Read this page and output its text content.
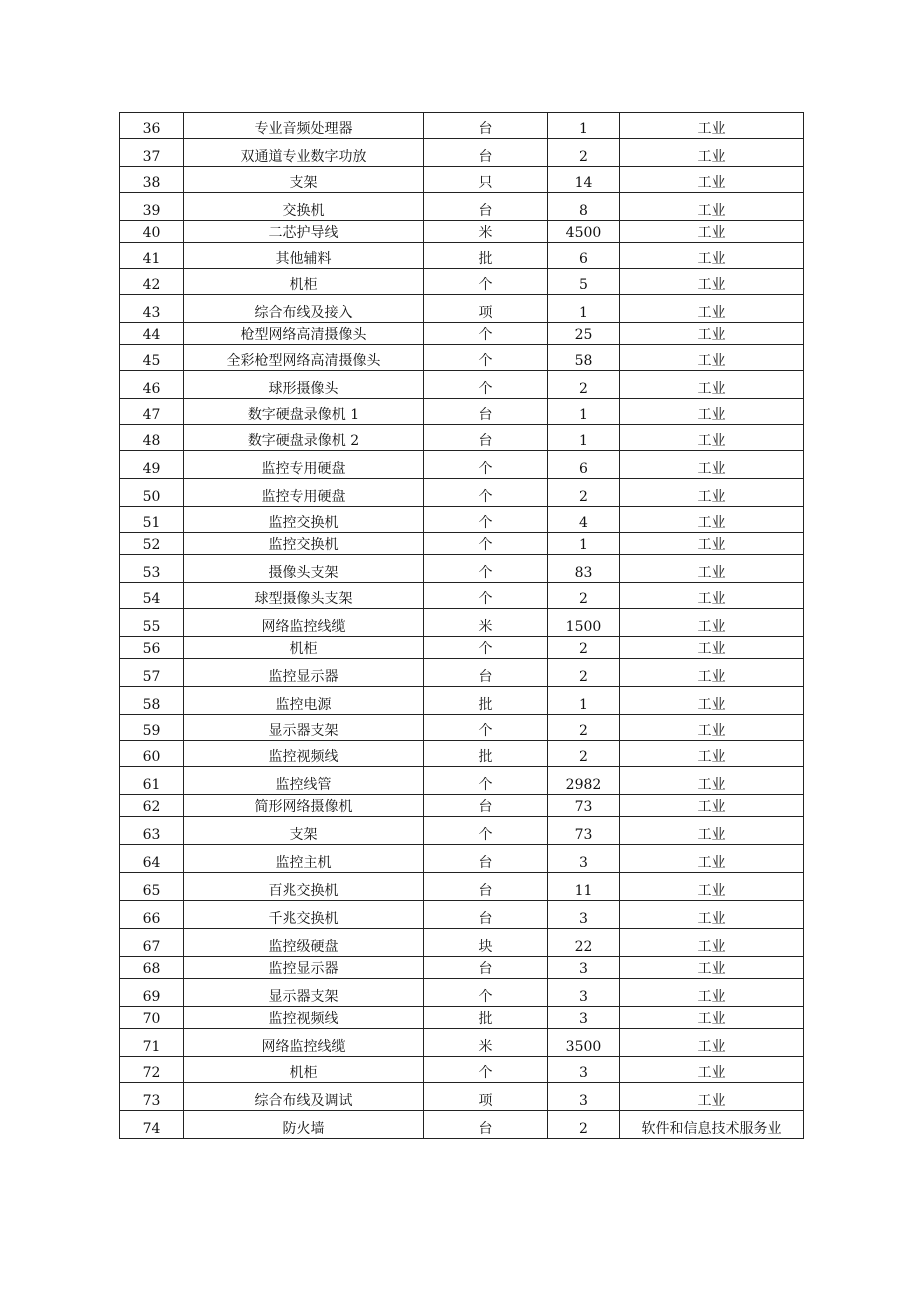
36	专业音频处理器	台	1	工业
37	双通道专业数字功放	台	2	工业
38	支架	只	14	工业
39	交换机	台	8	工业
40	二芯护导线	米	4500	工业
41	其他辅料	批	6	工业
42	机柜	个	5	工业
43	综合布线及接入	项	1	工业
44	枪型网络高清摄像头	个	25	工业
45	全彩枪型网络高清摄像头	个	58	工业
46	球形摄像头	个	2	工业
47	数字硬盘录像机 1	台	1	工业
48	数字硬盘录像机 2	台	1	工业
49	监控专用硬盘	个	6	工业
50	监控专用硬盘	个	2	工业
51	监控交换机	个	4	工业
52	监控交换机	个	1	工业
53	摄像头支架	个	83	工业
54	球型摄像头支架	个	2	工业
55	网络监控线缆	米	1500	工业
56	机柜	个	2	工业
57	监控显示器	台	2	工业
58	监控电源	批	1	工业
59	显示器支架	个	2	工业
60	监控视频线	批	2	工业
61	监控线管	个	2982	工业
62	简形网络摄像机	台	73	工业
63	支架	个	73	工业
64	监控主机	台	3	工业
65	百兆交换机	台	11	工业
66	千兆交换机	台	3	工业
67	监控级硬盘	块	22	工业
68	监控显示器	台	3	工业
69	显示器支架	个	3	工业
70	监控视频线	批	3	工业
71	网络监控线缆	米	3500	工业
72	机柜	个	3	工业
73	综合布线及调试	项	3	工业
74	防火墙	台	2	软件和信息技术服务业
